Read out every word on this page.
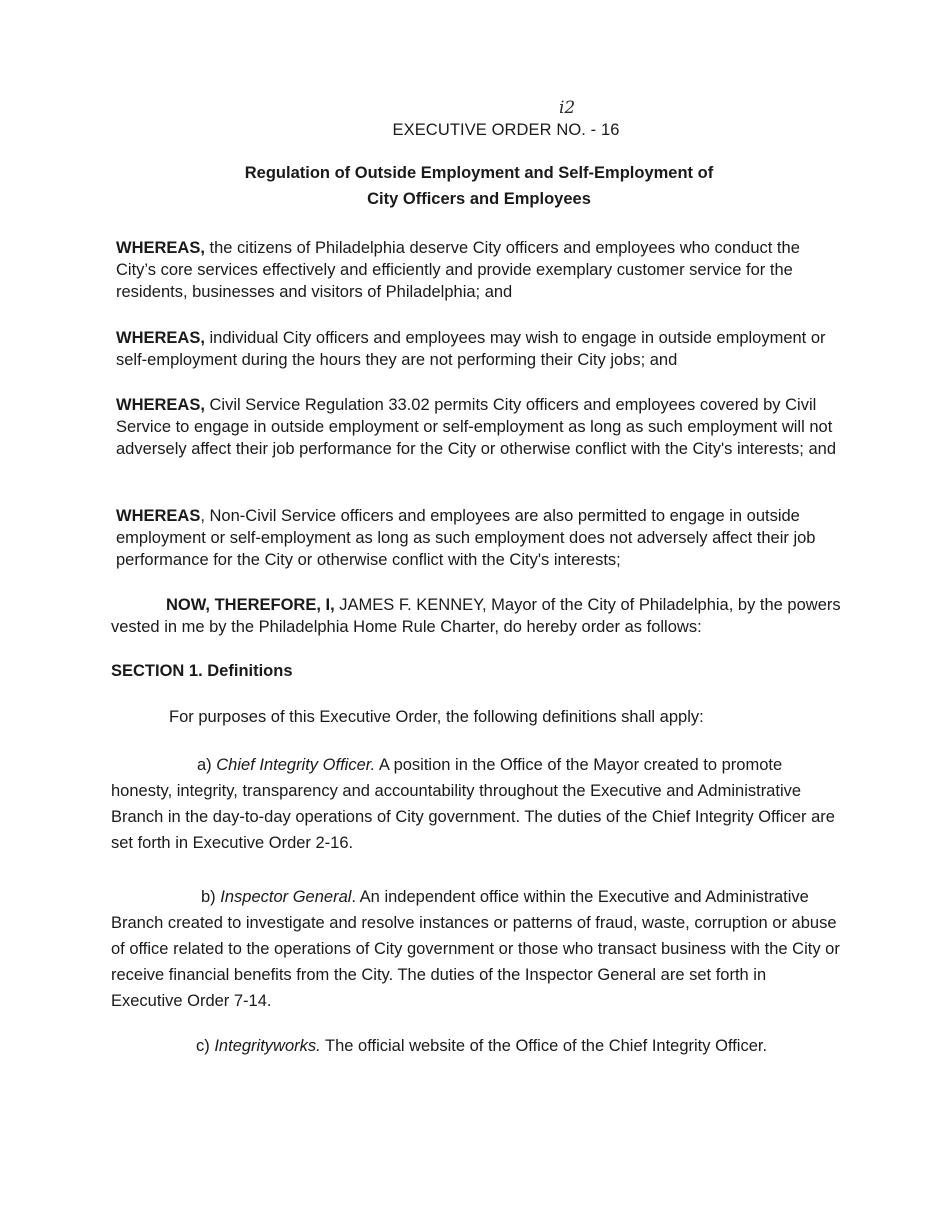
i2
EXECUTIVE ORDER NO. - 16
Regulation of Outside Employment and Self-Employment of
City Officers and Employees

WHEREAS, the citizens of Philadelphia deserve City officers and employees who conduct the City’s core services effectively and efficiently and provide exemplary customer service for the residents, businesses and visitors of Philadelphia; and

WHEREAS, individual City officers and employees may wish to engage in outside employment or self-employment during the hours they are not performing their City jobs; and

WHEREAS, Civil Service Regulation 33.02 permits City officers and employees covered by Civil Service to engage in outside employment or self-employment as long as such employment will not adversely affect their job performance for the City or otherwise conflict with the City's interests; and

WHEREAS, Non-Civil Service officers and employees are also permitted to engage in outside employment or self-employment as long as such employment does not adversely affect their job performance for the City or otherwise conflict with the City's interests;

NOW, THEREFORE, I, JAMES F. KENNEY, Mayor of the City of Philadelphia, by the powers vested in me by the Philadelphia Home Rule Charter, do hereby order as follows:

SECTION 1. Definitions
For purposes of this Executive Order, the following definitions shall apply:

a) Chief Integrity Officer. A position in the Office of the Mayor created to promote honesty, integrity, transparency and accountability throughout the Executive and Administrative Branch in the day-to-day operations of City government. The duties of the Chief Integrity Officer are set forth in Executive Order 2-16.

b) Inspector General. An independent office within the Executive and Administrative Branch created to investigate and resolve instances or patterns of fraud, waste, corruption or abuse of office related to the operations of City government or those who transact business with the City or receive financial benefits from the City. The duties of the Inspector General are set forth in Executive Order 7-14.

c) Integrityworks. The official website of the Office of the Chief Integrity Officer.
